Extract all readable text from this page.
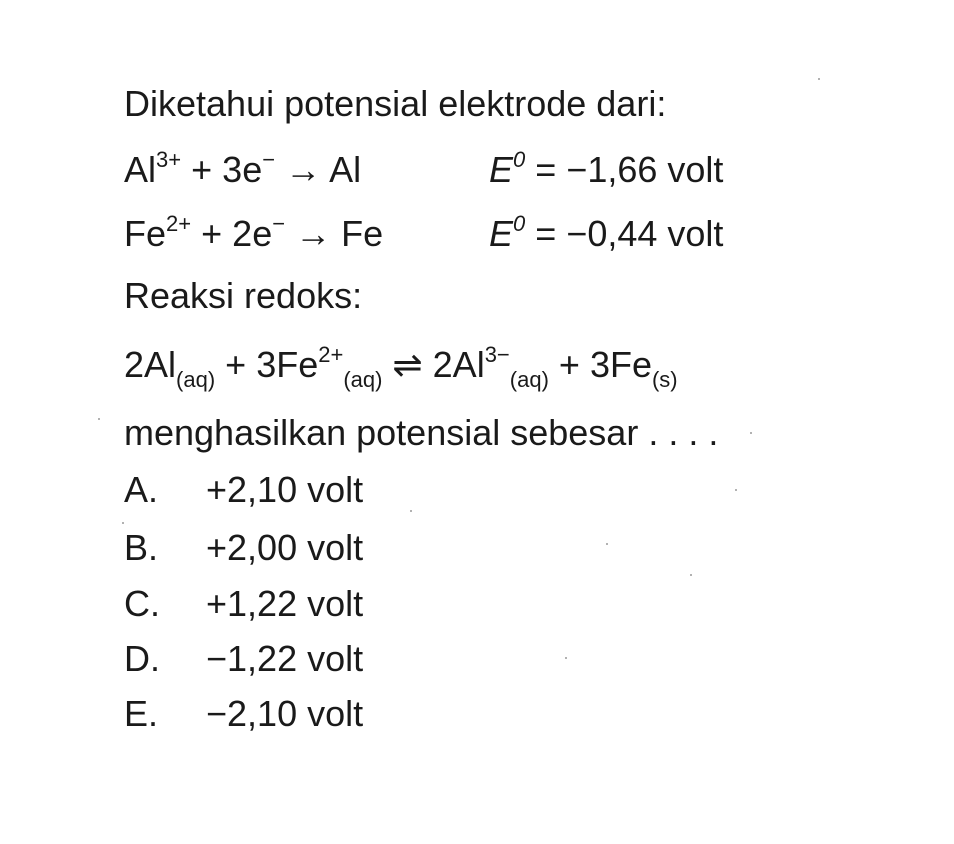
Diketahui potensial elektrode dari:
$Al^{3+} + 3e^- \to Al$	$E^0 = -1,66$ volt
$Fe^{2+} + 2e^- \to Fe$	$E^0 = -0,44$ volt
Reaksi redoks:
$2Al_{(aq)} + 3Fe^{2+}_{(aq)}$ ⇌ $2Al^{3-}_{(aq)} + 3Fe_{(s)}$
menghasilkan potensial sebesar . . . .
A. +2,10 volt
B. +2,00 volt
C. +1,22 volt
D. −1,22 volt
E. −2,10 volt
